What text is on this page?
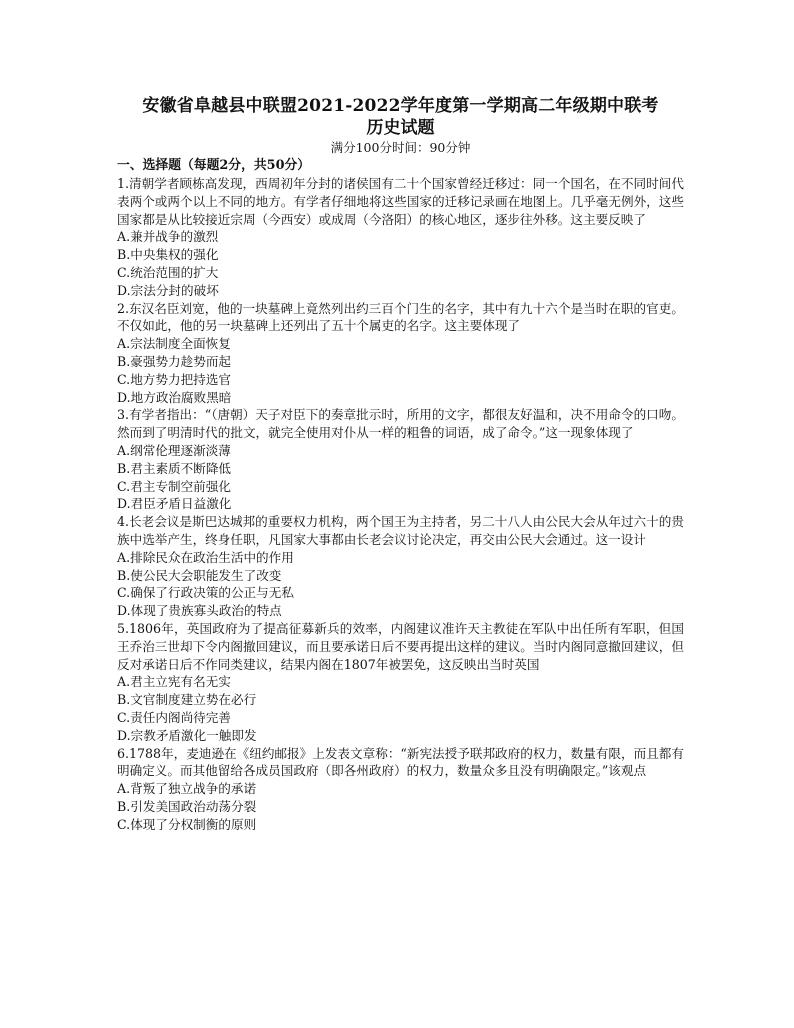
安徽省阜越县中联盟2021-2022学年度第一学期高二年级期中联考
历史试题

满分100分时间：90分钟

一、选择题（每题2分，共50分）

1.清朝学者顾栋高发现，西周初年分封的诸侯国有二十个国家曾经迁移过：同一个国名，在不同时间代表两个或两个以上不同的地方。有学者仔细地将这些国家的迁移记录画在地图上。几乎毫无例外，这些国家都是从比较接近宗周（今西安）或成周（今洛阳）的核心地区，逐步往外移。这主要反映了

A.兼并战争的激烈
B.中央集权的强化
C.统治范围的扩大
D.宗法分封的破坏

2.东汉名臣刘宽，他的一块墓碑上竟然列出约三百个门生的名字，其中有九十六个是当时在职的官吏。不仅如此，他的另一块墓碑上还列出了五十个属吏的名字。这主要体现了

A.宗法制度全面恢复
B.豪强势力趁势而起
C.地方势力把持选官
D.地方政治腐败黑暗

3.有学者指出：“（唐朝）天子对臣下的奏章批示时，所用的文字，都很友好温和，决不用命令的口吻。然而到了明清时代的批文，就完全使用对仆从一样的粗鲁的词语，成了命令。”这一现象体现了

A.纲常伦理逐渐淡薄
B.君主素质不断降低
C.君主专制空前强化
D.君臣矛盾日益激化

4.长老会议是斯巴达城邦的重要权力机构，两个国王为主持者，另二十八人由公民大会从年过六十的贵族中选举产生，终身任职，凡国家大事都由长老会议讨论决定，再交由公民大会通过。这一设计

A.排除民众在政治生活中的作用
B.使公民大会职能发生了改变
C.确保了行政决策的公正与无私
D.体现了贵族寡头政治的特点

5.1806年，英国政府为了提高征募新兵的效率，内阁建议准许天主教徒在军队中出任所有军职，但国王乔治三世却下令内阁撤回建议，而且要承诺日后不要再提出这样的建议。当时内阁同意撤回建议，但反对承诺日后不作同类建议，结果内阁在1807年被罢免，这反映出当时英国

A.君主立宪有名无实
B.文官制度建立势在必行
C.责任内阁尚待完善
D.宗教矛盾激化一触即发

6.1788年，麦迪逊在《纽约邮报》上发表文章称：“新宪法授予联邦政府的权力，数量有限，而且都有明确定义。而其他留给各成员国政府（即各州政府）的权力，数量众多且没有明确限定。”该观点

A.背叛了独立战争的承诺
B.引发美国政治动荡分裂
C.体现了分权制衡的原则
